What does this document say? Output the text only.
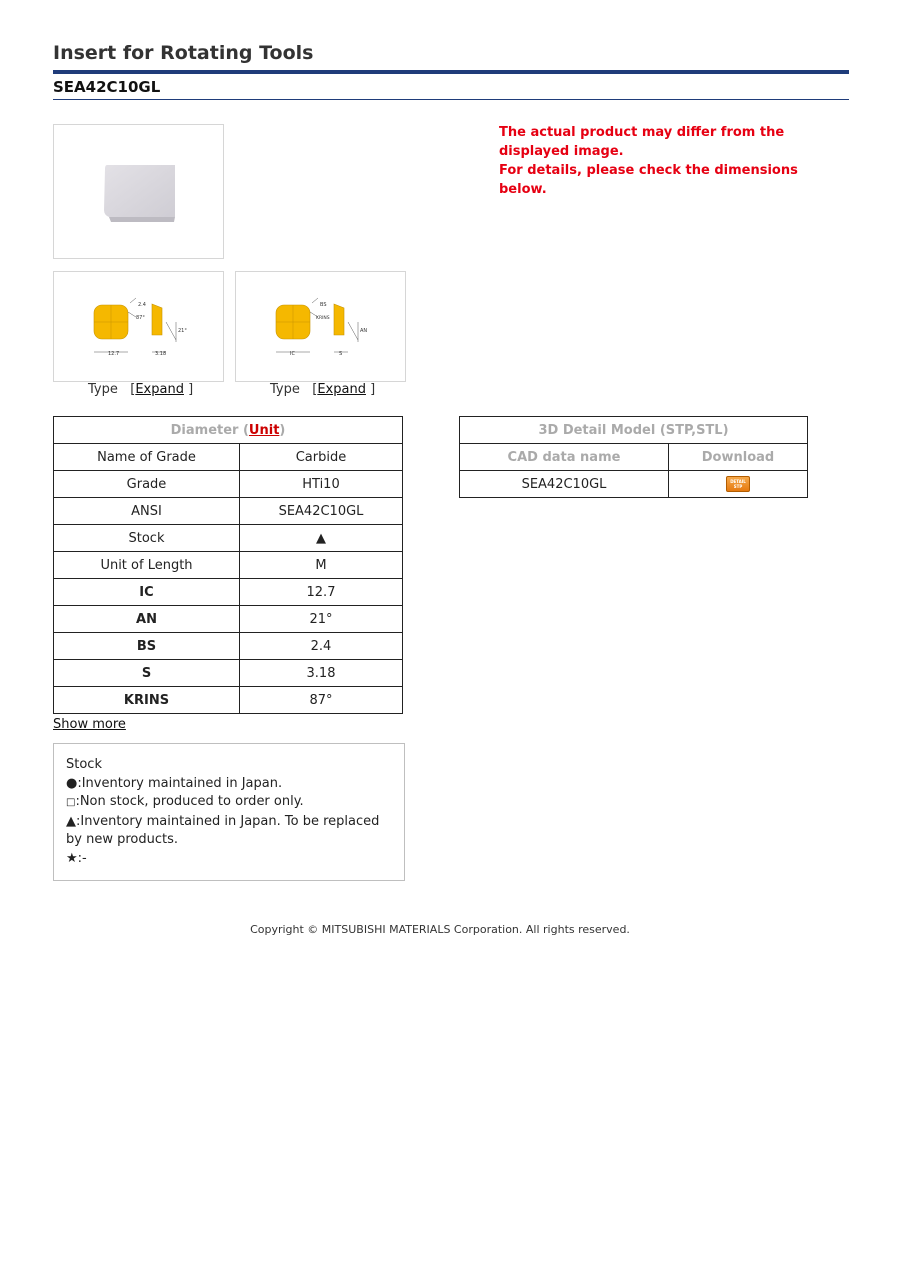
Insert for Rotating Tools
SEA42C10GL
2.4
87°
21°
12.7	3.18
BS
KRINS
AN
IC	S
Type [Expand ]	Type [Expand ]
The actual product may differ from the displayed image.
For details, please check the dimensions below.
Diameter (Unit)	
Name of Grade	Carbide
Grade	HTi10
ANSI	SEA42C10GL
Stock	▲
Unit of Length	M
IC	12.7
AN	21°
BS	2.4
S	3.18
KRINS	87°
Show more
3D Detail Model (STP,STL)	
CAD data name	Download
SEA42C10GL	DETAIL
STP
Stock
●:Inventory maintained in Japan.
□:Non stock, produced to order only.
▲:Inventory maintained in Japan. To be replaced by new products.
★:-
Copyright © MITSUBISHI MATERIALS Corporation. All rights reserved.
